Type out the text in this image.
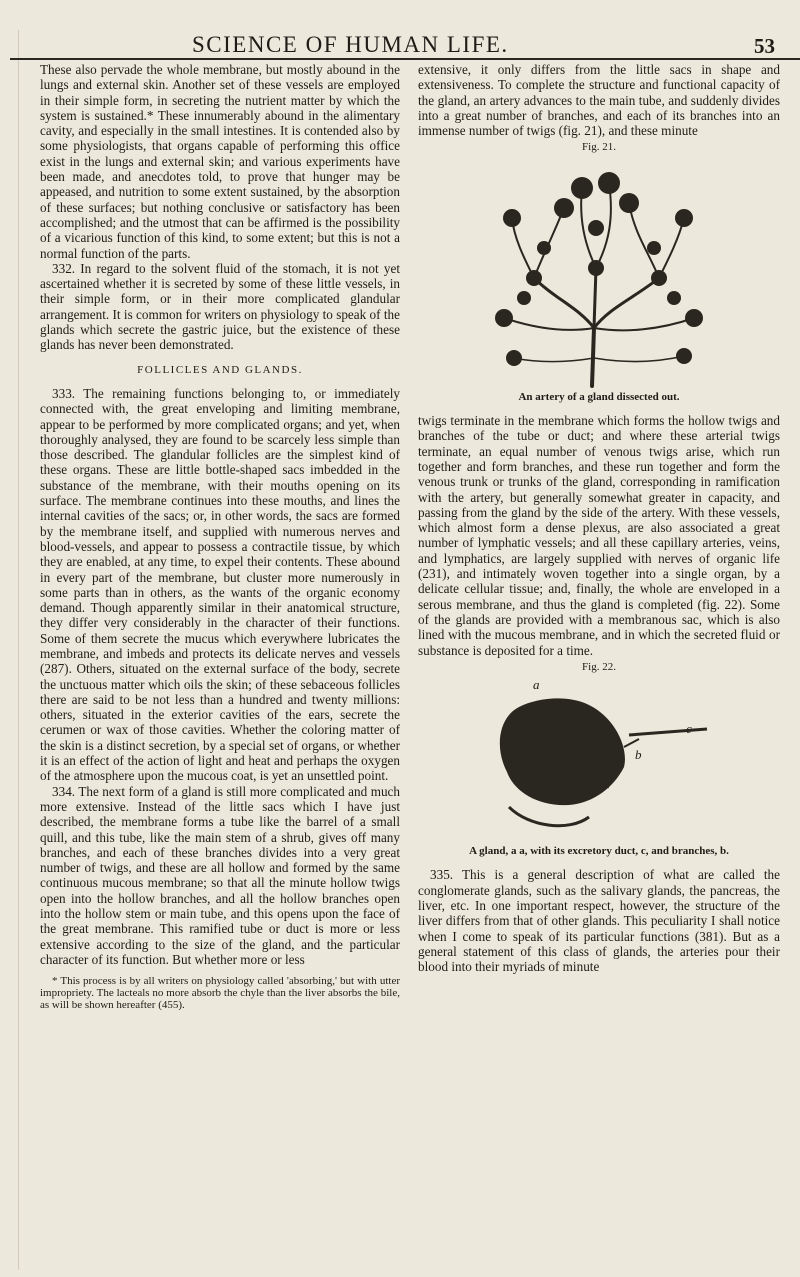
SCIENCE OF HUMAN LIFE.	53

These also pervade the whole membrane, but mostly abound in the lungs and external skin. Another set of these vessels are employed in their simple form, in secreting the nutrient matter by which the system is sustained.* These innumerably abound in the alimentary cavity, and especially in the small intestines. It is contended also by some physiologists, that organs capable of performing this office exist in the lungs and external skin; and various experiments have been made, and anecdotes told, to prove that hunger may be appeased, and nutrition to some extent sustained, by the absorption of these surfaces; but nothing conclusive or satisfactory has been accomplished; and the utmost that can be affirmed is the possibility of a vicarious function of this kind, to some extent; but this is not a normal function of the parts.

332. In regard to the solvent fluid of the stomach, it is not yet ascertained whether it is secreted by some of these little vessels, in their simple form, or in their more complicated glandular arrangement. It is common for writers on physiology to speak of the glands which secrete the gastric juice, but the existence of these glands has never been demonstrated.

FOLLICLES AND GLANDS.

333. The remaining functions belonging to, or immediately connected with, the great enveloping and limiting membrane, appear to be performed by more complicated organs; and yet, when thoroughly analysed, they are found to be scarcely less simple than those described. The glandular follicles are the simplest kind of these organs. These are little bottle-shaped sacs imbedded in the substance of the membrane, with their mouths opening on its surface. The membrane continues into these mouths, and lines the internal cavities of the sacs; or, in other words, the sacs are formed by the membrane itself, and supplied with numerous nerves and blood-vessels, and appear to possess a contractile tissue, by which they are enabled, at any time, to expel their contents. These abound in every part of the membrane, but cluster more numerously in some parts than in others, as the wants of the organic economy demand. Though apparently similar in their anatomical structure, they differ very considerably in the character of their functions. Some of them secrete the mucus which everywhere lubricates the membrane, and imbeds and protects its delicate nerves and vessels (287). Others, situated on the external surface of the body, secrete the unctuous matter which oils the skin; of these sebaceous follicles there are said to be not less than a hundred and twenty millions: others, situated in the exterior cavities of the ears, secrete the cerumen or wax of those cavities. Whether the coloring matter of the skin is a distinct secretion, by a special set of organs, or whether it is an effect of the action of light and heat and perhaps the oxygen of the atmosphere upon the mucous coat, is yet an unsettled point.

334. The next form of a gland is still more complicated and much more extensive. Instead of the little sacs which I have just described, the membrane forms a tube like the barrel of a small quill, and this tube, like the main stem of a shrub, gives off many branches, and each of these branches divides into a very great number of twigs, and these are all hollow and formed by the same continuous mucous membrane; so that all the minute hollow twigs open into the hollow branches, and all the hollow branches open into the hollow stem or main tube, and this opens upon the face of the great membrane. This ramified tube or duct is more or less extensive according to the size of the gland, and the particular character of its function. But whether more or less

* This process is by all writers on physiology called 'absorbing,' but with utter impropriety. The lacteals no more absorb the chyle than the liver absorbs the bile, as will be shown hereafter (455).

extensive, it only differs from the little sacs in shape and extensiveness. To complete the structure and functional capacity of the gland, an artery advances to the main tube, and suddenly divides into a great number of branches, and each of its branches into an immense number of twigs (fig. 21), and these minute

Fig. 21.
An artery of a gland dissected out.

twigs terminate in the membrane which forms the hollow twigs and branches of the tube or duct; and where these arterial twigs terminate, an equal number of venous twigs arise, which run together and form branches, and these run together and form the venous trunk or trunks of the gland, corresponding in ramification with the artery, but generally somewhat greater in capacity, and passing from the gland by the side of the artery. With these vessels, which almost form a dense plexus, are also associated a great number of lymphatic vessels; and all these capillary arteries, veins, and lymphatics, are largely supplied with nerves of organic life (231), and intimately woven together into a single organ, by a delicate cellular tissue; and, finally, the whole are enveloped in a serous membrane, and thus the gland is completed (fig. 22). Some of the glands are provided with a membranous sac, which is also lined with the mucous membrane, and in which the secreted fluid or substance is deposited for a time.

Fig. 22.
a
c
b
A gland, a a, with its excretory duct, c, and branches, b.

335. This is a general description of what are called the conglomerate glands, such as the salivary glands, the pancreas, the liver, etc. In one important respect, however, the structure of the liver differs from that of other glands. This peculiarity I shall notice when I come to speak of its particular functions (381). But as a general statement of this class of glands, the arteries pour their blood into their myriads of minute
